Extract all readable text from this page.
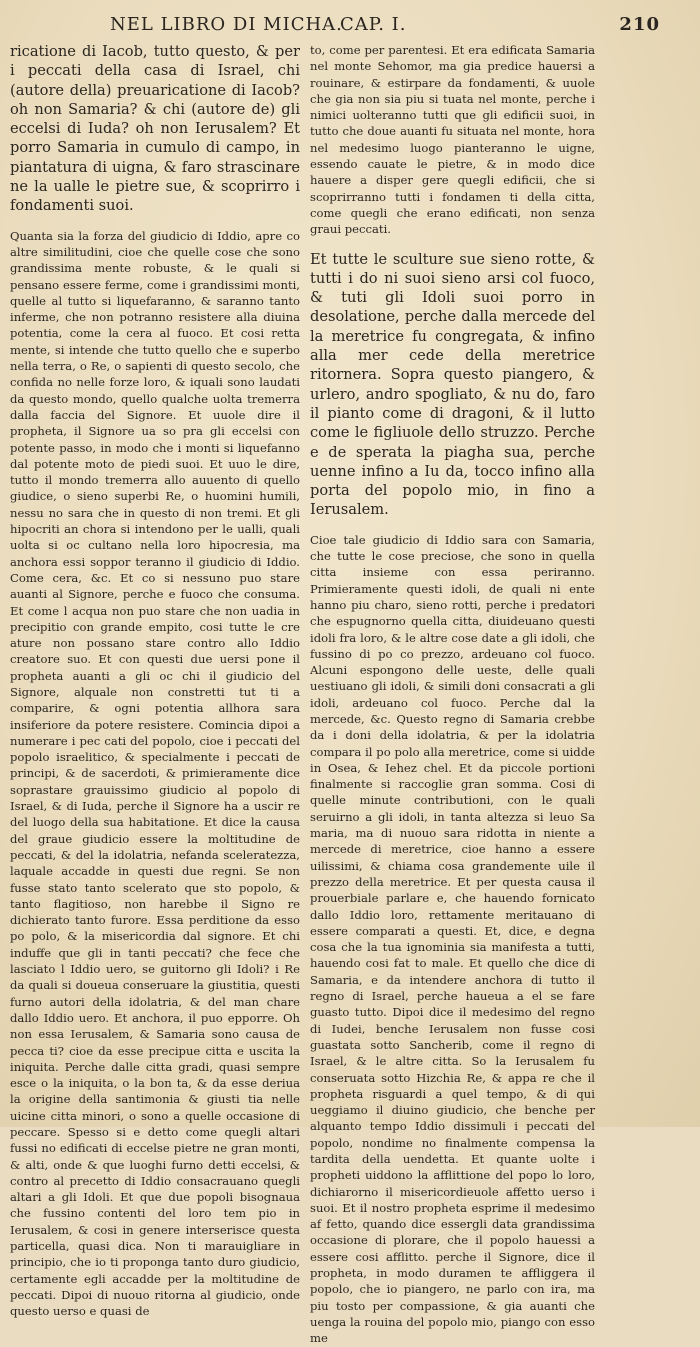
NEL LIBRO DI MICHA.
CAP. I.	210

ricatione di Iacob, tutto questo, & per i peccati della casa di Israel, chi (autore della) preuaricatione di Iacob? oh non Samaria? & chi (autore de) gli eccelsi di Iuda? oh non Ierusalem? Et porro Samaria in cumulo di campo, in piantatura di uigna, & faro strascinare ne la ualle le pietre sue, & scoprirro i fondamenti suoi.

Quanta sia la forza del giudicio di Iddio, apre co altre similitudini, cioe che quelle cose che sono grandissima mente robuste, & le quali si pensano essere ferme, come i grandissimi monti, quelle al tutto si liquefaranno, & saranno tanto inferme, che non potranno resistere alla diuina potentia, come la cera al fuoco. Et cosi retta mente, si intende che tutto quello che e superbo nella terra, o Re, o sapienti di questo secolo, che confida no nelle forze loro, & iquali sono laudati da questo mondo, quello qualche uolta tremerra dalla faccia del Signore. Et uuole dire il propheta, il Signore ua so pra gli eccelsi con potente passo, in modo che i monti si liquefanno dal potente moto de piedi suoi. Et uuo le dire, tutto il mondo tremerra allo auuento di quello giudice, o sieno superbi Re, o huomini humili, nessu no sara che in questo di non tremi. Et gli hipocriti an chora si intendono per le ualli, quali uolta si oc cultano nella loro hipocresia, ma anchora essi soppor teranno il giudicio di Iddio. Come cera, &c. Et co si nessuno puo stare auanti al Signore, perche e fuoco che consuma. Et come l acqua non puo stare che non uadia in precipitio con grande empito, cosi tutte le cre ature non possano stare contro allo Iddio creatore suo. Et con questi due uersi pone il propheta auanti a gli oc chi il giudicio del Signore, alquale non constretti tut ti a comparire, & ogni potentia allhora sara insiferiore da potere resistere. Comincia dipoi a numerare i pec cati del popolo, cioe i peccati del popolo israelitico, & specialmente i peccati de principi, & de sacerdoti, & primieramente dice soprastare grauissimo giudicio al popolo di Israel, & di Iuda, perche il Signore ha a uscir re del luogo della sua habitatione. Et dice la causa del graue giudicio essere la moltitudine de peccati, & del la idolatria, nefanda sceleratezza, laquale accadde in questi due regni. Se non fusse stato tanto scelerato que sto popolo, & tanto flagitioso, non harebbe il Signo re dichierato tanto furore. Essa perditione da esso po polo, & la misericordia dal signore. Et chi induffe que gli in tanti peccati? che fece che lasciato l Iddio uero, se guitorno gli Idoli? i Re da quali si doueua conseruare la giustitia, questi furno autori della idolatria, & del man chare dallo Iddio uero. Et anchora, il puo epporre. Oh non essa Ierusalem, & Samaria sono causa de pecca ti? cioe da esse precipue citta e uscita la iniquita. Perche dalle citta gradi, quasi sempre esce o la iniquita, o la bon ta, & da esse deriua la origine della santimonia & giusti tia nelle uicine citta minori, o sono a quelle occasione di peccare. Spesso si e detto come quegli altari fussi no edificati di eccelse pietre ne gran monti, & alti, onde & que luoghi furno detti eccelsi, & contro al precetto di Iddio consacrauano quegli altari a gli Idoli. Et que due popoli bisognaua che fussino contenti del loro tem pio in Ierusalem, & cosi in genere interserisce questa particella, quasi dica. Non ti marauigliare in principio, che io ti proponga tanto duro giudicio, certamente egli accadde per la moltitudine de peccati. Dipoi di nuouo ritorna al giudicio, onde questo uerso e quasi de

to, come per parentesi. Et era edificata Samaria nel monte Sehomor, ma gia predice hauersi a rouinare, & estirpare da fondamenti, & uuole che gia non sia piu si tuata nel monte, perche i nimici uolteranno tutti que gli edificii suoi, in tutto che doue auanti fu situata nel monte, hora nel medesimo luogo pianteranno le uigne, essendo cauate le pietre, & in modo dice hauere a disper gere quegli edificii, che si scoprirranno tutti i fondamen ti della citta, come quegli che erano edificati, non senza graui peccati.

Et tutte le sculture sue sieno rotte, & tutti i do ni suoi sieno arsi col fuoco, & tuti gli Idoli suoi porro in desolatione, perche dalla mercede del la meretrice fu congregata, & infino alla mer cede della meretrice ritornera. Sopra questo piangero, & urlero, andro spogliato, & nu do, faro il pianto come di dragoni, & il lutto come le figliuole dello struzzo. Perche e de sperata la piagha sua, perche uenne infino a Iu da, tocco infino alla porta del popolo mio, in fino a Ierusalem.

Cioe tale giudicio di Iddio sara con Samaria, che tutte le cose preciose, che sono in quella citta insieme con essa periranno. Primieramente questi idoli, de quali ni ente hanno piu charo, sieno rotti, perche i predatori che espugnorno quella citta, diuideuano questi idoli fra loro, & le altre cose date a gli idoli, che fussino di po co prezzo, ardeuano col fuoco. Alcuni espongono delle ueste, delle quali uestiuano gli idoli, & simili doni consacrati a gli idoli, ardeuano col fuoco. Perche dal la mercede, &c. Questo regno di Samaria crebbe da i doni della idolatria, & per la idolatria compara il po polo alla meretrice, come si uidde in Osea, & Iehez chel. Et da piccole portioni finalmente si raccoglie gran somma. Cosi di quelle minute contributioni, con le quali seruirno a gli idoli, in tanta altezza si leuo Sa maria, ma di nuouo sara ridotta in niente a mercede di meretrice, cioe hanno a essere uilissimi, & chiama cosa grandemente uile il prezzo della meretrice. Et per questa causa il prouerbiale parlare e, che hauendo fornicato dallo Iddio loro, rettamente meritauano di essere comparati a questi. Et, dice, e degna cosa che la tua ignominia sia manifesta a tutti, hauendo cosi fat to male. Et quello che dice di Samaria, e da intendere anchora di tutto il regno di Israel, perche haueua a el se fare guasto tutto. Dipoi dice il medesimo del regno di Iudei, benche Ierusalem non fusse cosi guastata sotto Sancherib, come il regno di Israel, & le altre citta. So la Ierusalem fu conseruata sotto Hizchia Re, & appa re che il propheta risguardi a quel tempo, & di qui ueggiamo il diuino giudicio, che benche per alquanto tempo Iddio dissimuli i peccati del popolo, nondime no finalmente compensa la tardita della uendetta. Et quante uolte i propheti uiddono la afflittione del popo lo loro, dichiarorno il misericordieuole affetto uerso i suoi. Et il nostro propheta esprime il medesimo af fetto, quando dice essergli data grandissima occasione di plorare, che il popolo hauessi a essere cosi afflitto. perche il Signore, dice il propheta, in modo duramen te affliggera il popolo, che io piangero, ne parlo con ira, ma piu tosto per compassione, & gia auanti che uenga la rouina del popolo mio, piango con esso me
